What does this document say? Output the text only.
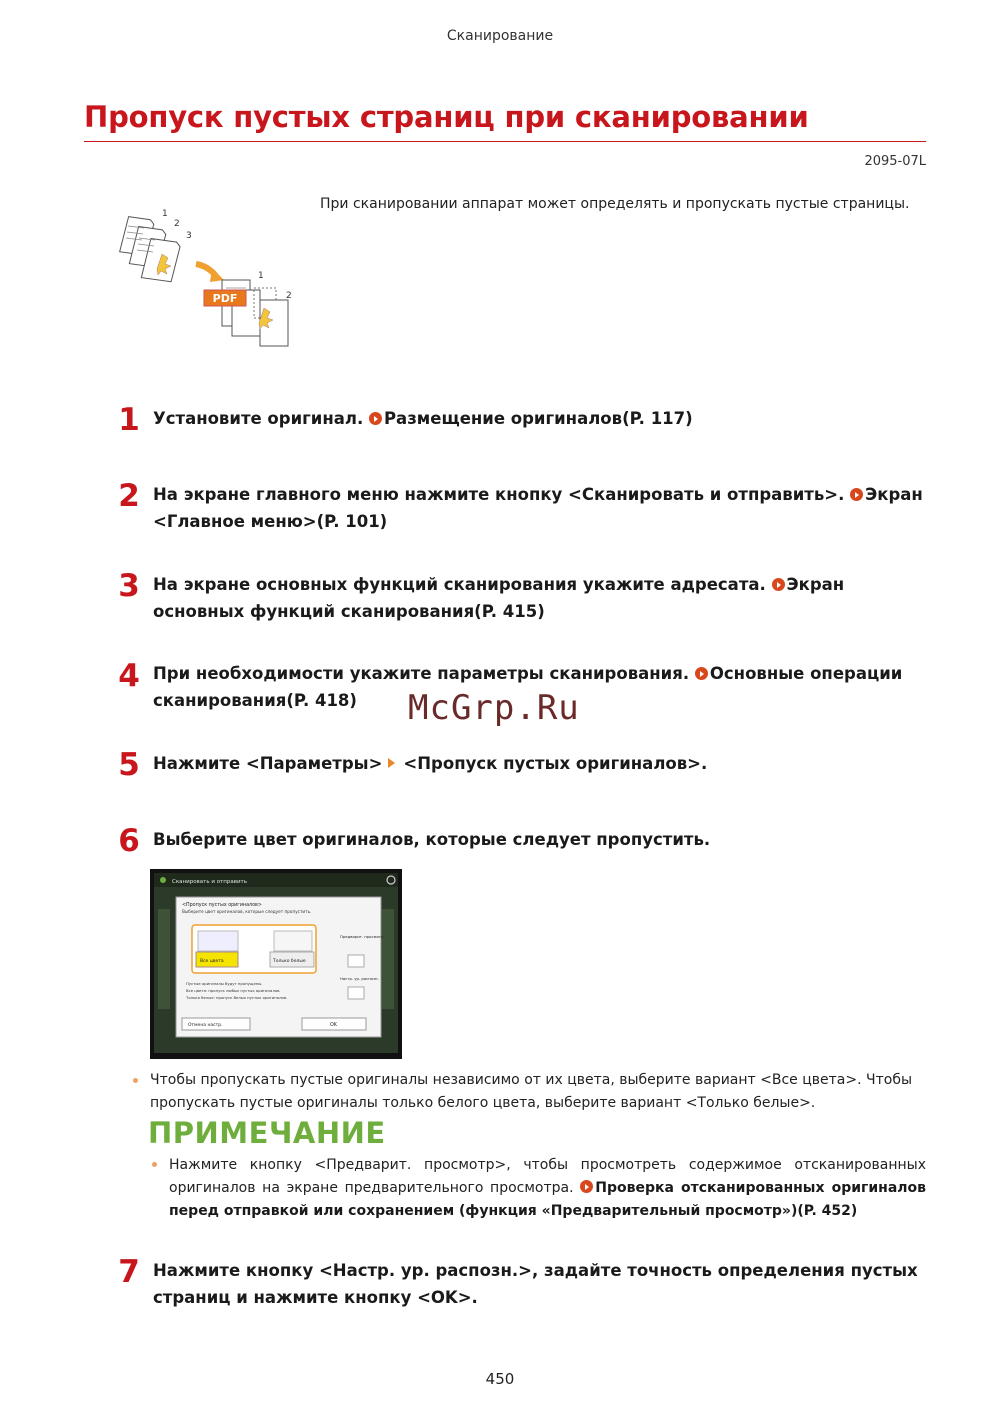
Сканирование
Пропуск пустых страниц при сканировании
2095-07L
1
2
3
PDF
1
2
При сканировании аппарат может определять и пропускать пустые страницы.
1 Установите оригинал. Размещение оригиналов(P. 117)
2 На экране главного меню нажмите кнопку <Сканировать и отправить>. Экран <Главное меню>(P. 101)
3 На экране основных функций сканирования укажите адресата. Экран основных функций сканирования(P. 415)
4 При необходимости укажите параметры сканирования. Основные операции сканирования(P. 418)	McGrp.Ru
5 Нажмите <Параметры> <Пропуск пустых оригиналов>.
6 Выберите цвет оригиналов, которые следует пропустить.
Сканировать и отправить
<Пропуск пустых оригиналов>
Выберите цвет оригиналов, которые следует пропустить.
Все цвета	Только белые
Предварит. просмотр
Настр. ур. распозн.
Пустые оригиналы будут пропущены.
Все цвета: пропуск любых пустых оригиналов.
Только белые: пропуск белых пустых оригиналов.
Отмена настр.	OK
Чтобы пропускать пустые оригиналы независимо от их цвета, выберите вариант <Все цвета>. Чтобы пропускать пустые оригиналы только белого цвета, выберите вариант <Только белые>.
ПРИМЕЧАНИЕ
Нажмите кнопку <Предварит. просмотр>, чтобы просмотреть содержимое отсканированных оригиналов на экране предварительного просмотра. Проверка отсканированных оригиналов перед отправкой или сохранением (функция «Предварительный просмотр»)(P. 452)
7 Нажмите кнопку <Настр. ур. распозн.>, задайте точность определения пустых страниц и нажмите кнопку <OK>.
450
